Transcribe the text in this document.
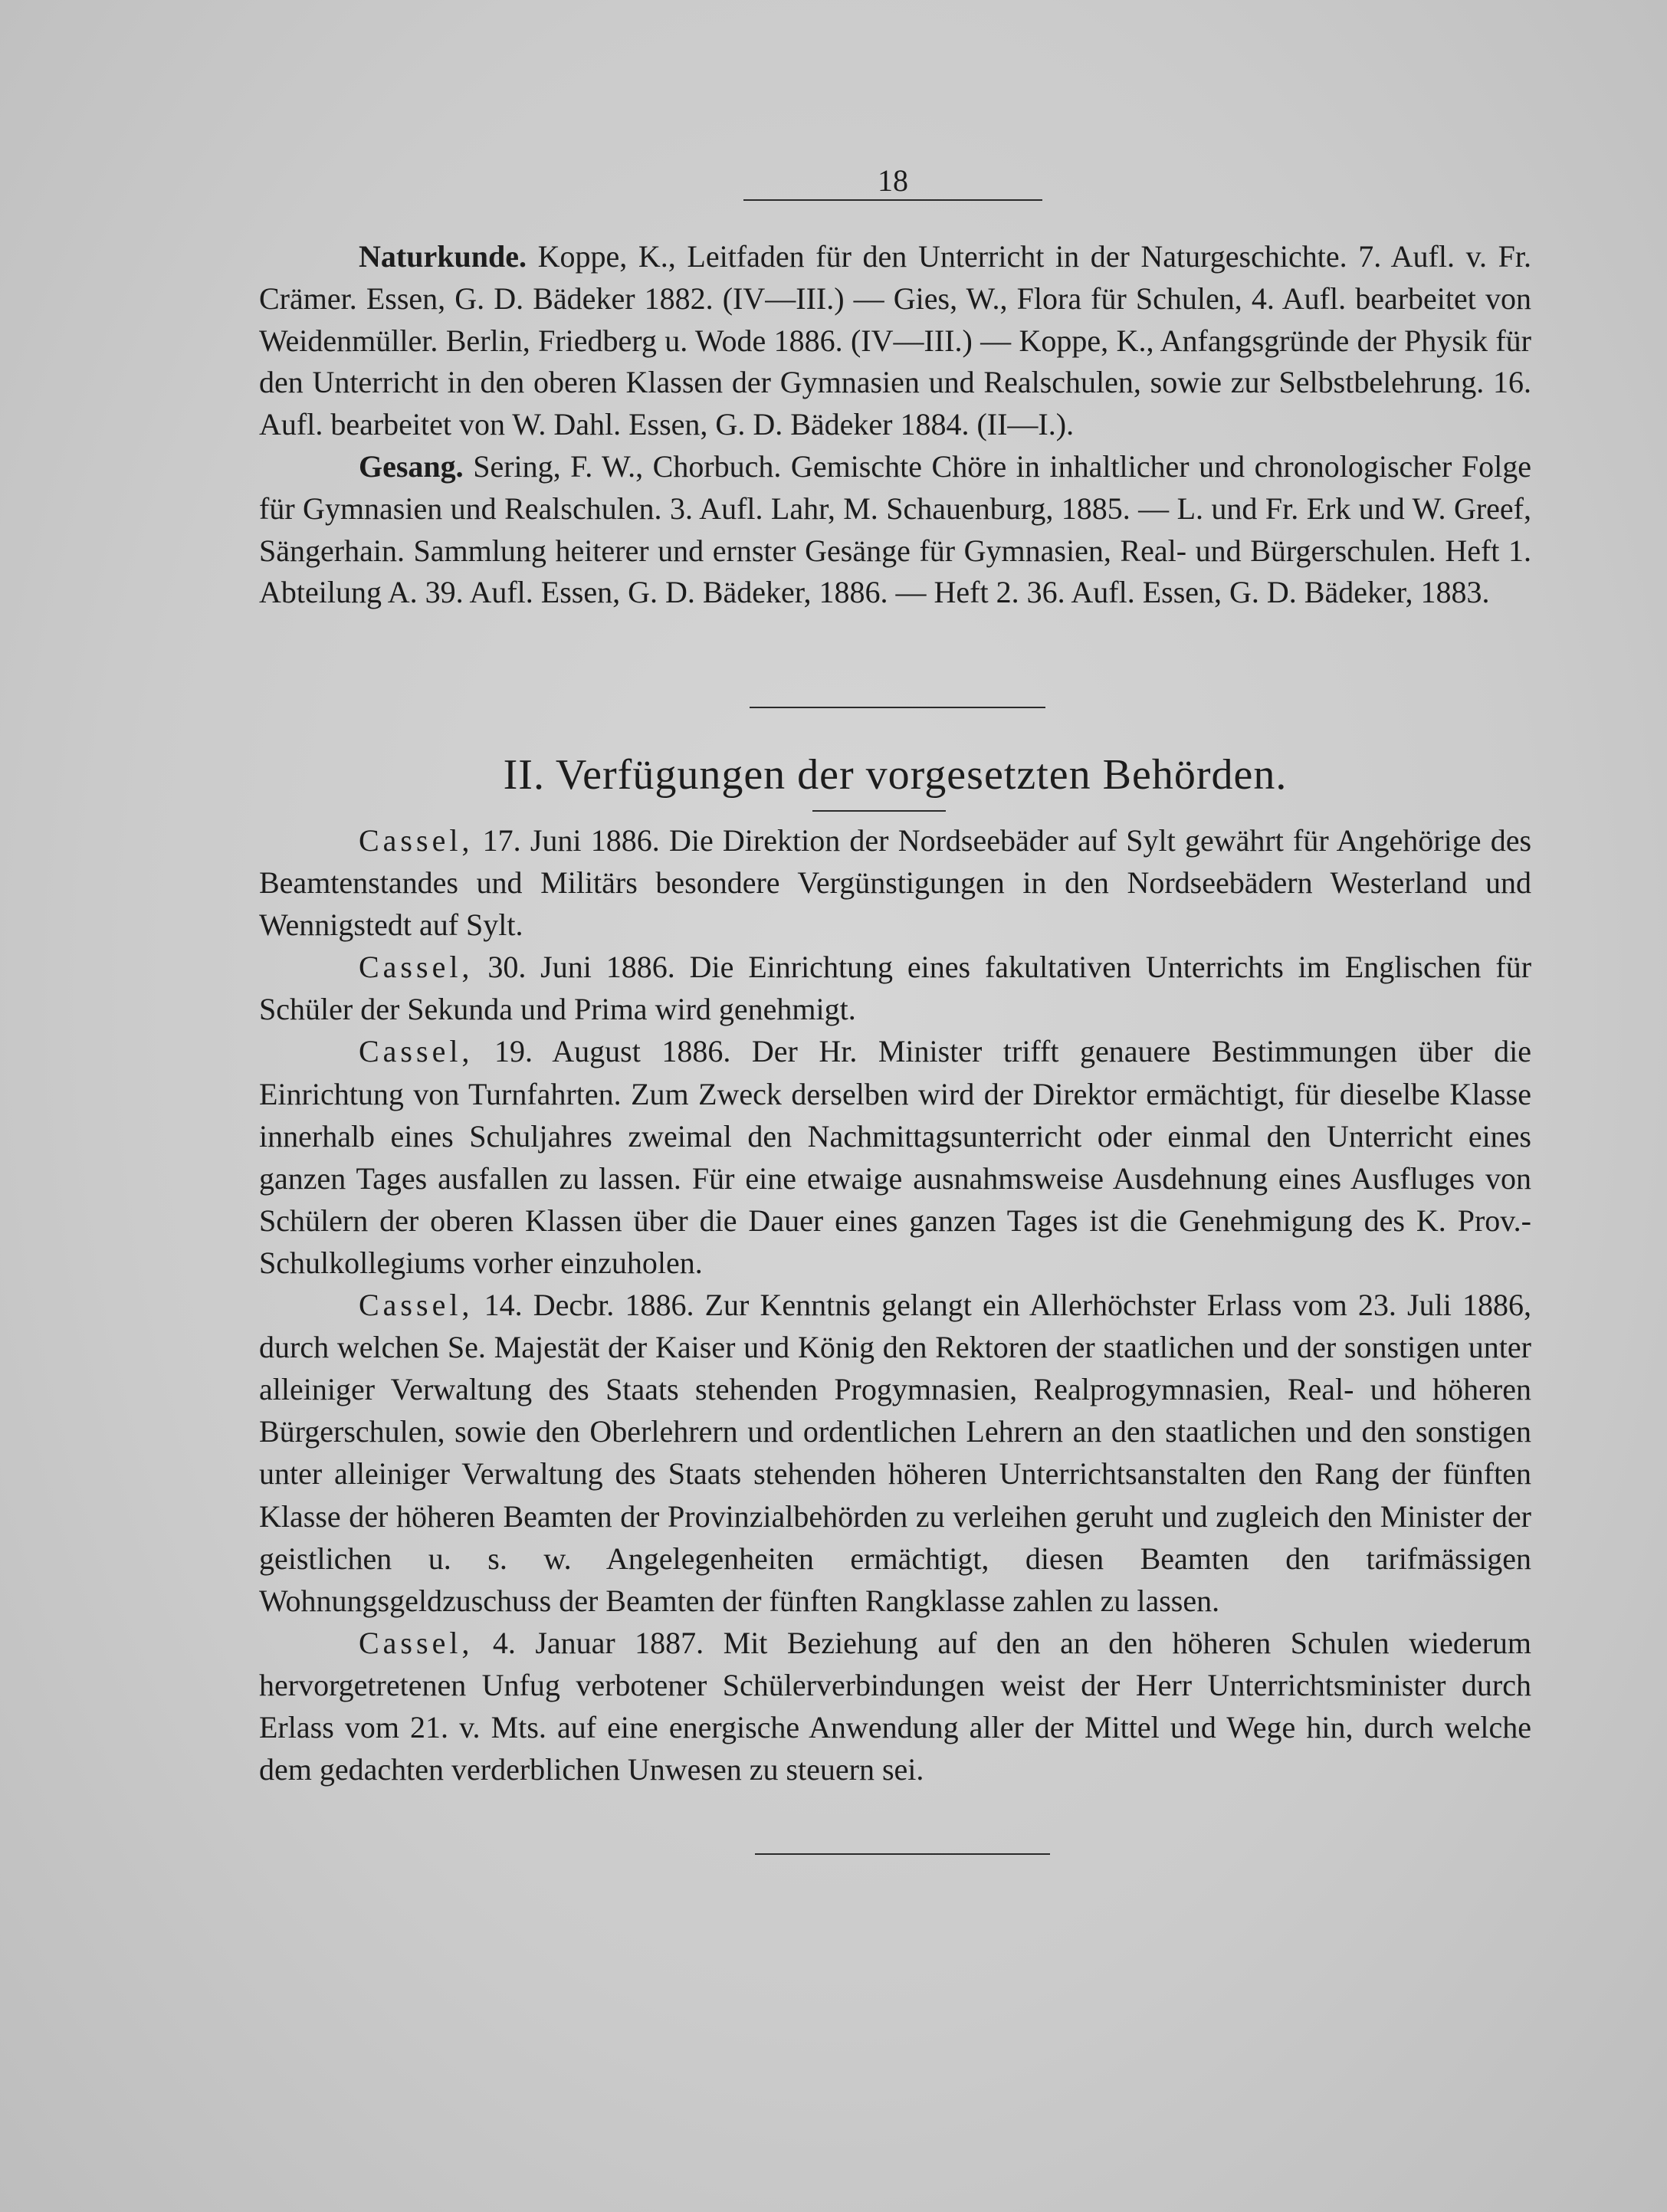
18

Naturkunde. Koppe, K., Leitfaden für den Unterricht in der Naturgeschichte. 7. Aufl. v. Fr. Crämer. Essen, G. D. Bädeker 1882. (IV—III.) — Gies, W., Flora für Schulen, 4. Aufl. bearbeitet von Weidenmüller. Berlin, Friedberg u. Wode 1886. (IV—III.) — Koppe, K., Anfangsgründe der Physik für den Unterricht in den oberen Klassen der Gymnasien und Realschulen, sowie zur Selbstbelehrung. 16. Aufl. bearbeitet von W. Dahl. Essen, G. D. Bädeker 1884. (II—I.).

Gesang. Sering, F. W., Chorbuch. Gemischte Chöre in inhaltlicher und chronologischer Folge für Gymnasien und Realschulen. 3. Aufl. Lahr, M. Schauenburg, 1885. — L. und Fr. Erk und W. Greef, Sängerhain. Sammlung heiterer und ernster Gesänge für Gymnasien, Real- und Bürgerschulen. Heft 1. Abteilung A. 39. Aufl. Essen, G. D. Bädeker, 1886. — Heft 2. 36. Aufl. Essen, G. D. Bädeker, 1883.

II. Verfügungen der vorgesetzten Behörden.

Cassel, 17. Juni 1886. Die Direktion der Nordseebäder auf Sylt gewährt für Angehörige des Beamtenstandes und Militärs besondere Vergünstigungen in den Nordseebädern Westerland und Wennigstedt auf Sylt.

Cassel, 30. Juni 1886. Die Einrichtung eines fakultativen Unterrichts im Englischen für Schüler der Sekunda und Prima wird genehmigt.

Cassel, 19. August 1886. Der Hr. Minister trifft genauere Bestimmungen über die Einrichtung von Turnfahrten. Zum Zweck derselben wird der Direktor ermächtigt, für dieselbe Klasse innerhalb eines Schuljahres zweimal den Nachmittagsunterricht oder einmal den Unterricht eines ganzen Tages ausfallen zu lassen. Für eine etwaige ausnahmsweise Ausdehnung eines Ausfluges von Schülern der oberen Klassen über die Dauer eines ganzen Tages ist die Genehmigung des K. Prov.-Schulkollegiums vorher einzuholen.

Cassel, 14. Decbr. 1886. Zur Kenntnis gelangt ein Allerhöchster Erlass vom 23. Juli 1886, durch welchen Se. Majestät der Kaiser und König den Rektoren der staatlichen und der sonstigen unter alleiniger Verwaltung des Staats stehenden Progymnasien, Realprogymnasien, Real- und höheren Bürgerschulen, sowie den Oberlehrern und ordentlichen Lehrern an den staatlichen und den sonstigen unter alleiniger Verwaltung des Staats stehenden höheren Unterrichtsanstalten den Rang der fünften Klasse der höheren Beamten der Provinzialbehörden zu verleihen geruht und zugleich den Minister der geistlichen u. s. w. Angelegenheiten ermächtigt, diesen Beamten den tarifmässigen Wohnungsgeldzuschuss der Beamten der fünften Rangklasse zahlen zu lassen.

Cassel, 4. Januar 1887. Mit Beziehung auf den an den höheren Schulen wiederum hervorgetretenen Unfug verbotener Schülerverbindungen weist der Herr Unterrichtsminister durch Erlass vom 21. v. Mts. auf eine energische Anwendung aller der Mittel und Wege hin, durch welche dem gedachten verderblichen Unwesen zu steuern sei.
